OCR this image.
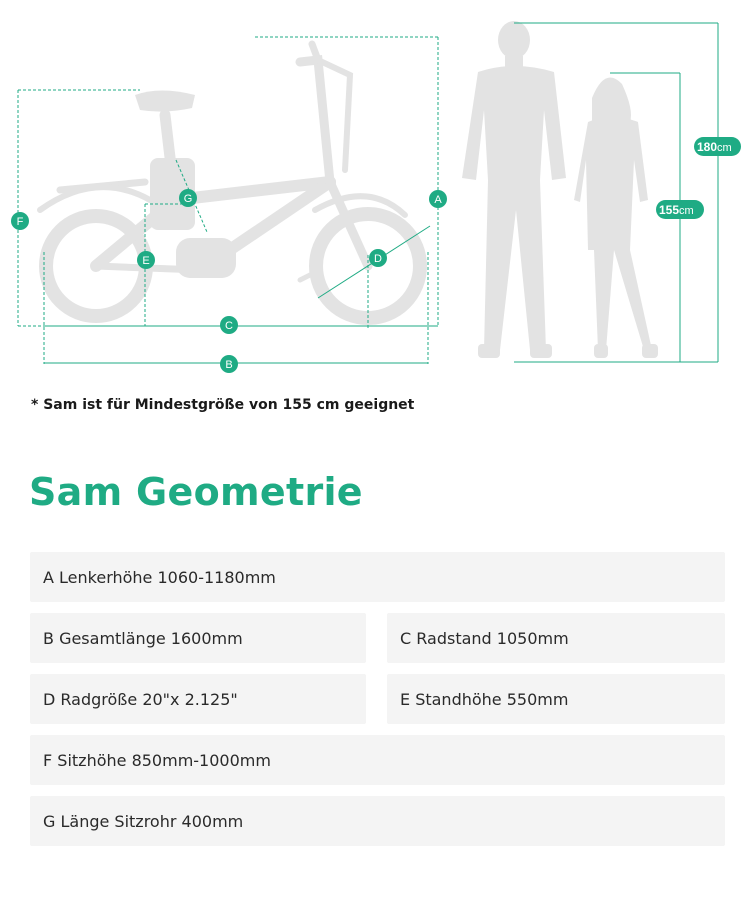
A
B
C
D
E
F
G
180cm
155cm
* Sam ist für Mindestgröße von 155 cm geeignet
Sam Geometrie
A Lenkerhöhe 1060-1180mm
B Gesamtlänge 1600mm	C Radstand 1050mm
D Radgröße 20"x 2.125"	E Standhöhe 550mm
F Sitzhöhe 850mm-1000mm
G Länge Sitzrohr 400mm
